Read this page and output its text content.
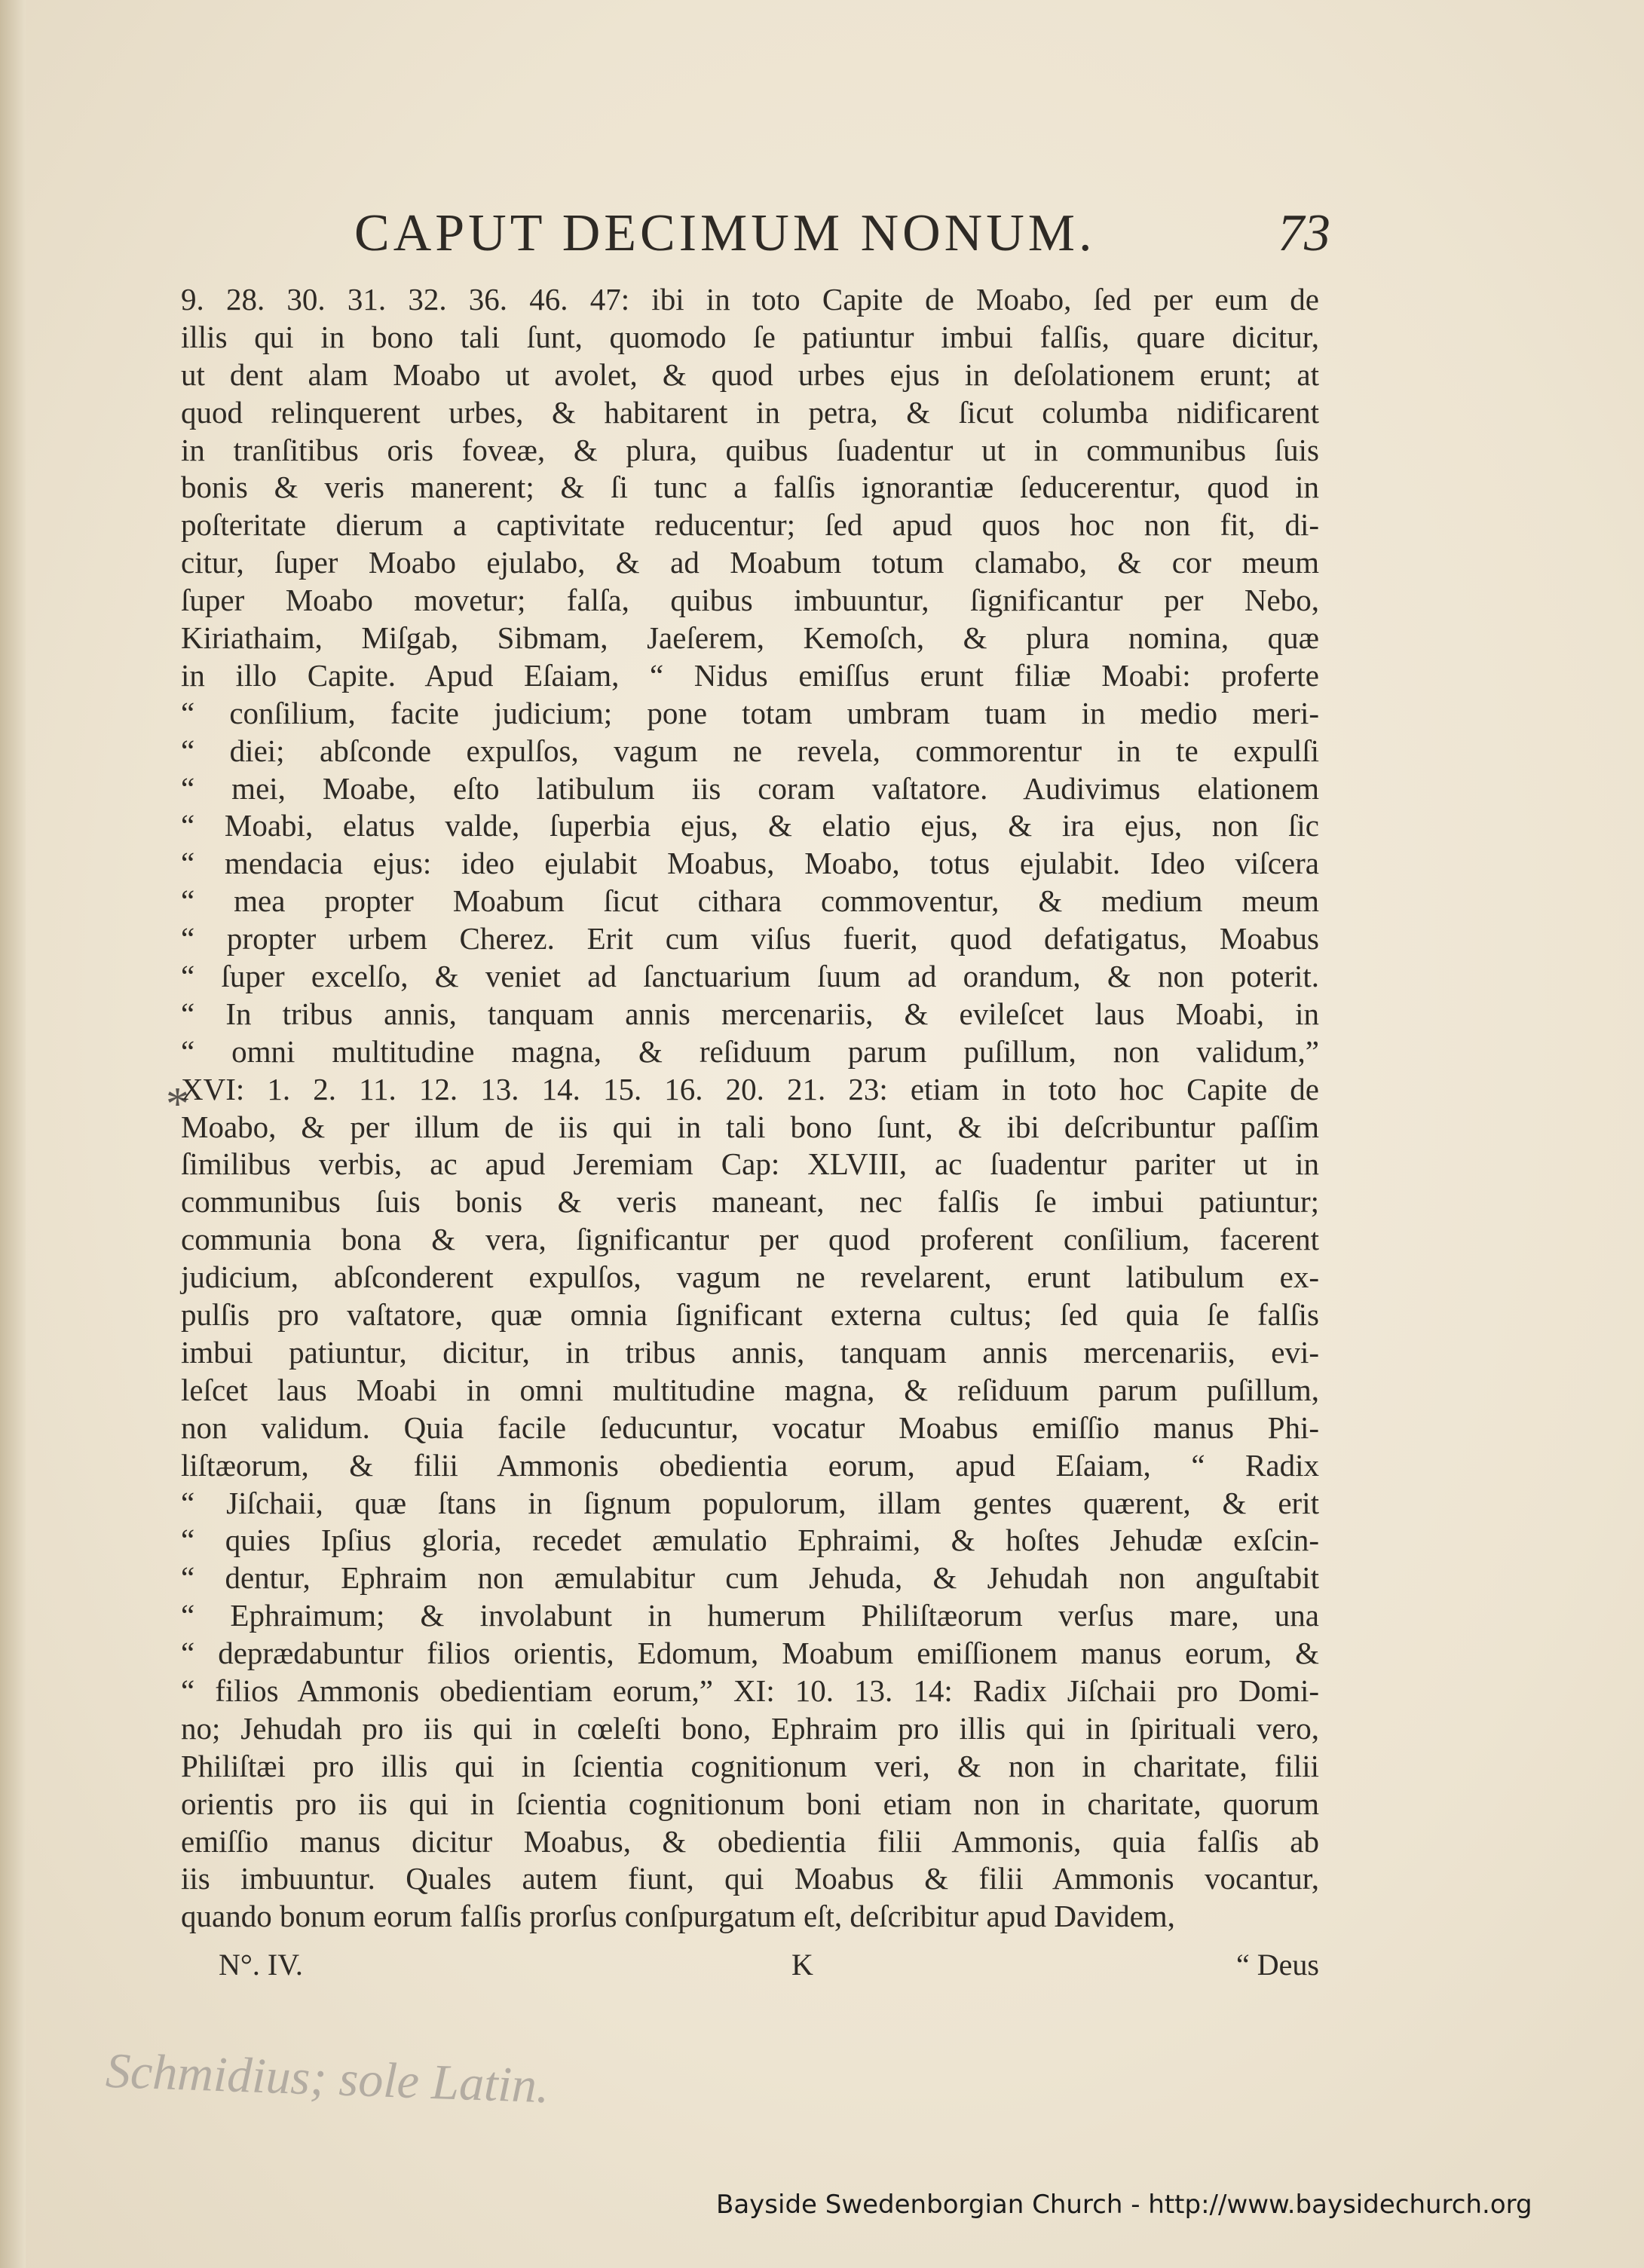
CAPUT DECIMUM NONUM.	73
*
9. 28. 30. 31. 32. 36. 46. 47: ibi in toto Capite de Moabo, ſed per eum de
illis qui in bono tali ſunt, quomodo ſe patiuntur imbui falſis, quare dicitur,
ut dent alam Moabo ut avolet, & quod urbes ejus in deſolationem erunt; at
quod relinquerent urbes, & habitarent in petra, & ſicut columba nidificarent
in tranſitibus oris foveæ, & plura, quibus ſuadentur ut in communibus ſuis
bonis & veris manerent; & ſi tunc a falſis ignorantiæ ſeducerentur, quod in
poſteritate dierum a captivitate reducentur; ſed apud quos hoc non fit, di-
citur, ſuper Moabo ejulabo, & ad Moabum totum clamabo, & cor meum
ſuper Moabo movetur; falſa, quibus imbuuntur, ſignificantur per Nebo,
Kiriathaim, Miſgab, Sibmam, Jaeſerem, Kemoſch, & plura nomina, quæ
in illo Capite. Apud Eſaiam, “ Nidus emiſſus erunt filiæ Moabi: proferte
“ conſilium, facite judicium; pone totam umbram tuam in medio meri-
“ diei; abſconde expulſos, vagum ne revela, commorentur in te expulſi
“ mei, Moabe, eſto latibulum iis coram vaſtatore. Audivimus elationem
“ Moabi, elatus valde, ſuperbia ejus, & elatio ejus, & ira ejus, non ſic
“ mendacia ejus: ideo ejulabit Moabus, Moabo, totus ejulabit. Ideo viſcera
“ mea propter Moabum ſicut cithara commoventur, & medium meum
“ propter urbem Cherez. Erit cum viſus fuerit, quod defatigatus, Moabus
“ ſuper excelſo, & veniet ad ſanctuarium ſuum ad orandum, & non poterit.
“ In tribus annis, tanquam annis mercenariis, & evileſcet laus Moabi, in
“ omni multitudine magna, & reſiduum parum puſillum, non validum,”
XVI: 1. 2. 11. 12. 13. 14. 15. 16. 20. 21. 23: etiam in toto hoc Capite de
Moabo, & per illum de iis qui in tali bono ſunt, & ibi deſcribuntur paſſim
ſimilibus verbis, ac apud Jeremiam Cap: XLVIII, ac ſuadentur pariter ut in
communibus ſuis bonis & veris maneant, nec falſis ſe imbui patiuntur;
communia bona & vera, ſignificantur per quod proferent conſilium, facerent
judicium, abſconderent expulſos, vagum ne revelarent, erunt latibulum ex-
pulſis pro vaſtatore, quæ omnia ſignificant externa cultus; ſed quia ſe falſis
imbui patiuntur, dicitur, in tribus annis, tanquam annis mercenariis, evi-
leſcet laus Moabi in omni multitudine magna, & reſiduum parum puſillum,
non validum. Quia facile ſeducuntur, vocatur Moabus emiſſio manus Phi-
liſtæorum, & filii Ammonis obedientia eorum, apud Eſaiam, “ Radix
“ Jiſchaii, quæ ſtans in ſignum populorum, illam gentes quærent, & erit
“ quies Ipſius gloria, recedet æmulatio Ephraimi, & hoſtes Jehudæ exſcin-
“ dentur, Ephraim non æmulabitur cum Jehuda, & Jehudah non anguſtabit
“ Ephraimum; & involabunt in humerum Philiſtæorum verſus mare, una
“ deprædabuntur filios orientis, Edomum, Moabum emiſſionem manus eorum, &
“ filios Ammonis obedientiam eorum,” XI: 10. 13. 14: Radix Jiſchaii pro Domi-
no; Jehudah pro iis qui in cœleſti bono, Ephraim pro illis qui in ſpirituali vero,
Philiſtæi pro illis qui in ſcientia cognitionum veri, & non in charitate, filii
orientis pro iis qui in ſcientia cognitionum boni etiam non in charitate, quorum
emiſſio manus dicitur Moabus, & obedientia filii Ammonis, quia falſis ab
iis imbuuntur. Quales autem fiunt, qui Moabus & filii Ammonis vocantur,
quando bonum eorum falſis prorſus conſpurgatum eſt, deſcribitur apud Davidem,
N°. IV.	K	“ Deus
Schmidius; sole Latin.
Bayside Swedenborgian Church - http://www.baysidechurch.org
